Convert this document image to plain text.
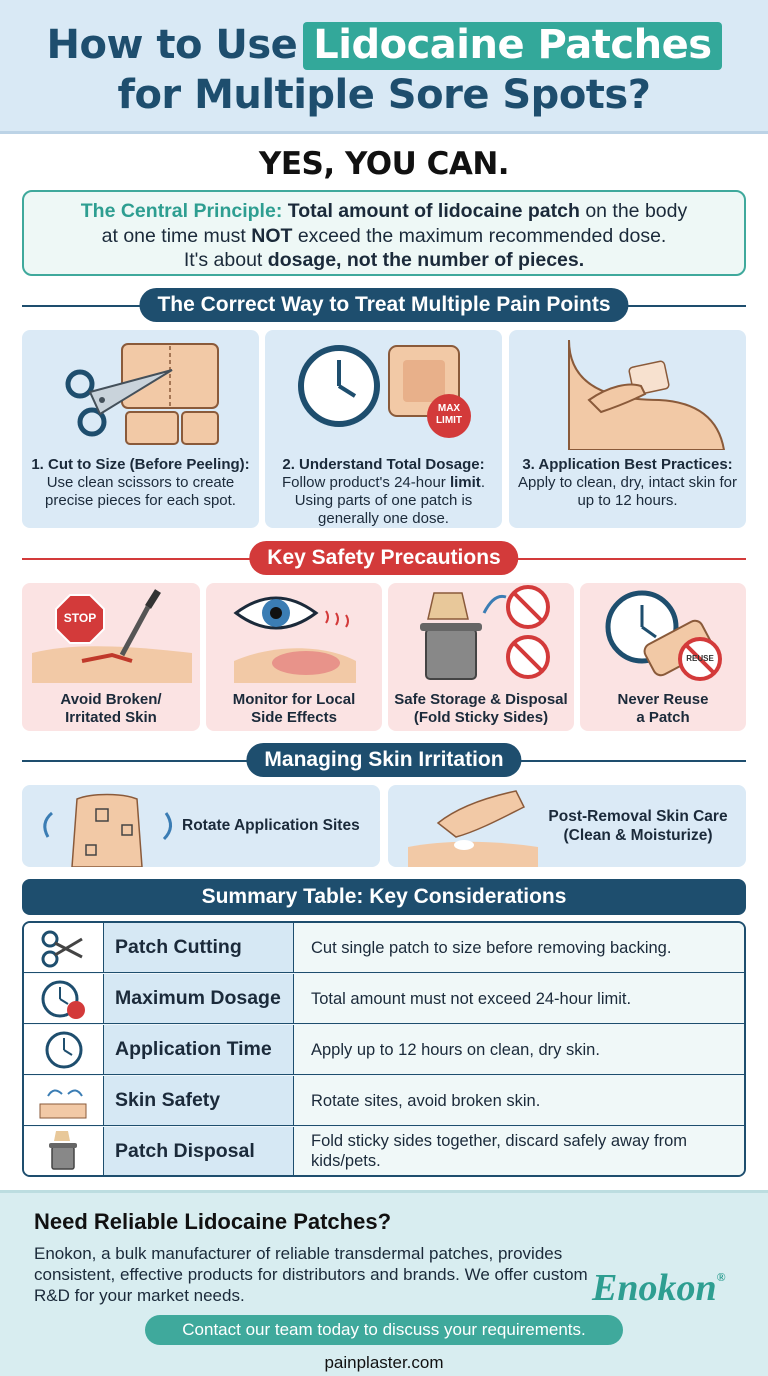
How to Use Lidocaine Patches
for Multiple Sore Spots?
YES, YOU CAN.
The Central Principle: Total amount of lidocaine patch on the body
at one time must NOT exceed the maximum recommended dose.
It's about dosage, not the number of pieces.
The Correct Way to Treat Multiple Pain Points
1. Cut to Size (Before Peeling):
Use clean scissors to create precise pieces for each spot.
MAX LIMIT
2. Understand Total Dosage:
Follow product's 24-hour limit. Using parts of one patch is generally one dose.
3. Application Best Practices:
Apply to clean, dry, intact skin for up to 12 hours.
Key Safety Precautions
STOP
Avoid Broken/
Irritated Skin
Monitor for Local
Side Effects
Safe Storage & Disposal
(Fold Sticky Sides)
REUSE
Never Reuse
a Patch
Managing Skin Irritation
Rotate Application Sites
Post-Removal Skin Care
(Clean & Moisturize)
Summary Table: Key Considerations
Patch Cutting	Cut single patch to size before removing backing.
Maximum Dosage	Total amount must not exceed 24-hour limit.
Application Time	Apply up to 12 hours on clean, dry skin.
Skin Safety	Rotate sites, avoid broken skin.
Patch Disposal	Fold sticky sides together, discard safely away from kids/pets.
Need Reliable Lidocaine Patches?
Enokon, a bulk manufacturer of reliable transdermal patches, provides consistent, effective products for distributors and brands. We offer custom R&D for your market needs.	Enokon®
Contact our team today to discuss your requirements.
painplaster.com
